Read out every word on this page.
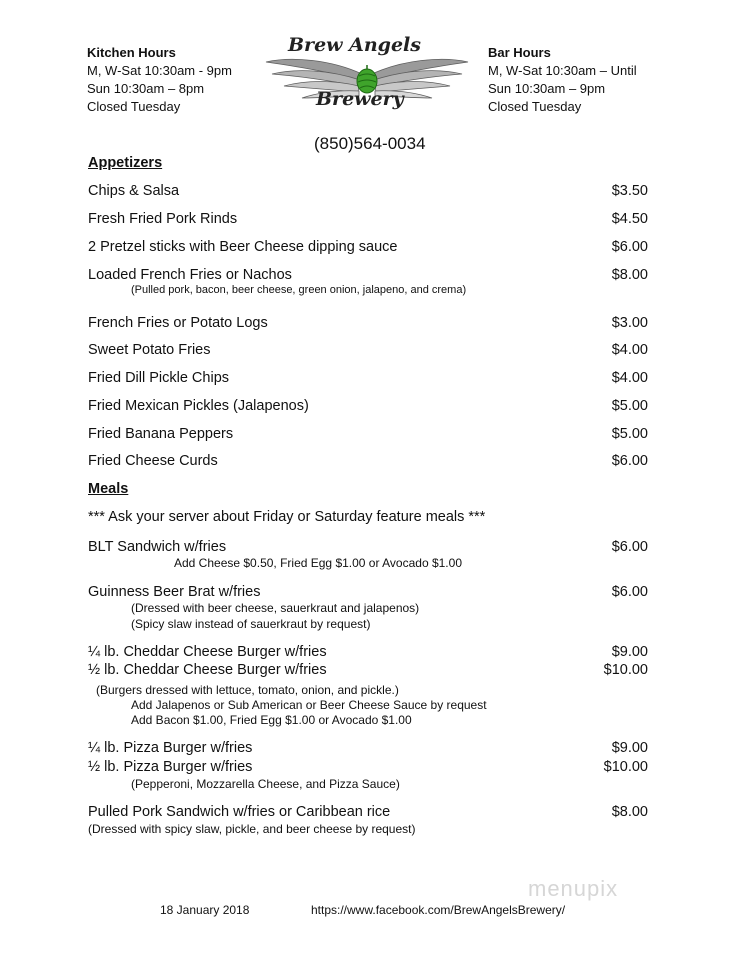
Kitchen Hours
M, W-Sat 10:30am - 9pm
Sun 10:30am – 8pm
Closed Tuesday
Brew Angels
Brewery
Bar Hours
M, W-Sat 10:30am – Until
Sun 10:30am – 9pm
Closed Tuesday
(850)564-0034
Appetizers
Chips & Salsa	$3.50
Fresh Fried Pork Rinds	$4.50
2 Pretzel sticks with Beer Cheese dipping sauce	$6.00
Loaded French Fries or Nachos	$8.00
(Pulled pork, bacon, beer cheese, green onion, jalapeno, and crema)
French Fries or Potato Logs	$3.00
Sweet Potato Fries	$4.00
Fried Dill Pickle Chips	$4.00
Fried Mexican Pickles (Jalapenos)	$5.00
Fried Banana Peppers	$5.00
Fried Cheese Curds	$6.00
Meals
*** Ask your server about Friday or Saturday feature meals ***
BLT Sandwich w/fries	$6.00
Add Cheese $0.50, Fried Egg $1.00 or Avocado $1.00
Guinness Beer Brat w/fries	$6.00
(Dressed with beer cheese, sauerkraut and jalapenos)
(Spicy slaw instead of sauerkraut by request)
¼ lb. Cheddar Cheese Burger w/fries	$9.00
½ lb. Cheddar Cheese Burger w/fries	$10.00
(Burgers dressed with lettuce, tomato, onion, and pickle.)
Add Jalapenos or Sub American or Beer Cheese Sauce by request
Add Bacon $1.00, Fried Egg $1.00 or Avocado $1.00
¼ lb. Pizza Burger w/fries	$9.00
½ lb. Pizza Burger w/fries	$10.00
(Pepperoni, Mozzarella Cheese, and Pizza Sauce)
Pulled Pork Sandwich w/fries or Caribbean rice	$8.00
(Dressed with spicy slaw, pickle, and beer cheese by request)
menupix
18 January 2018	https://www.facebook.com/BrewAngelsBrewery/
